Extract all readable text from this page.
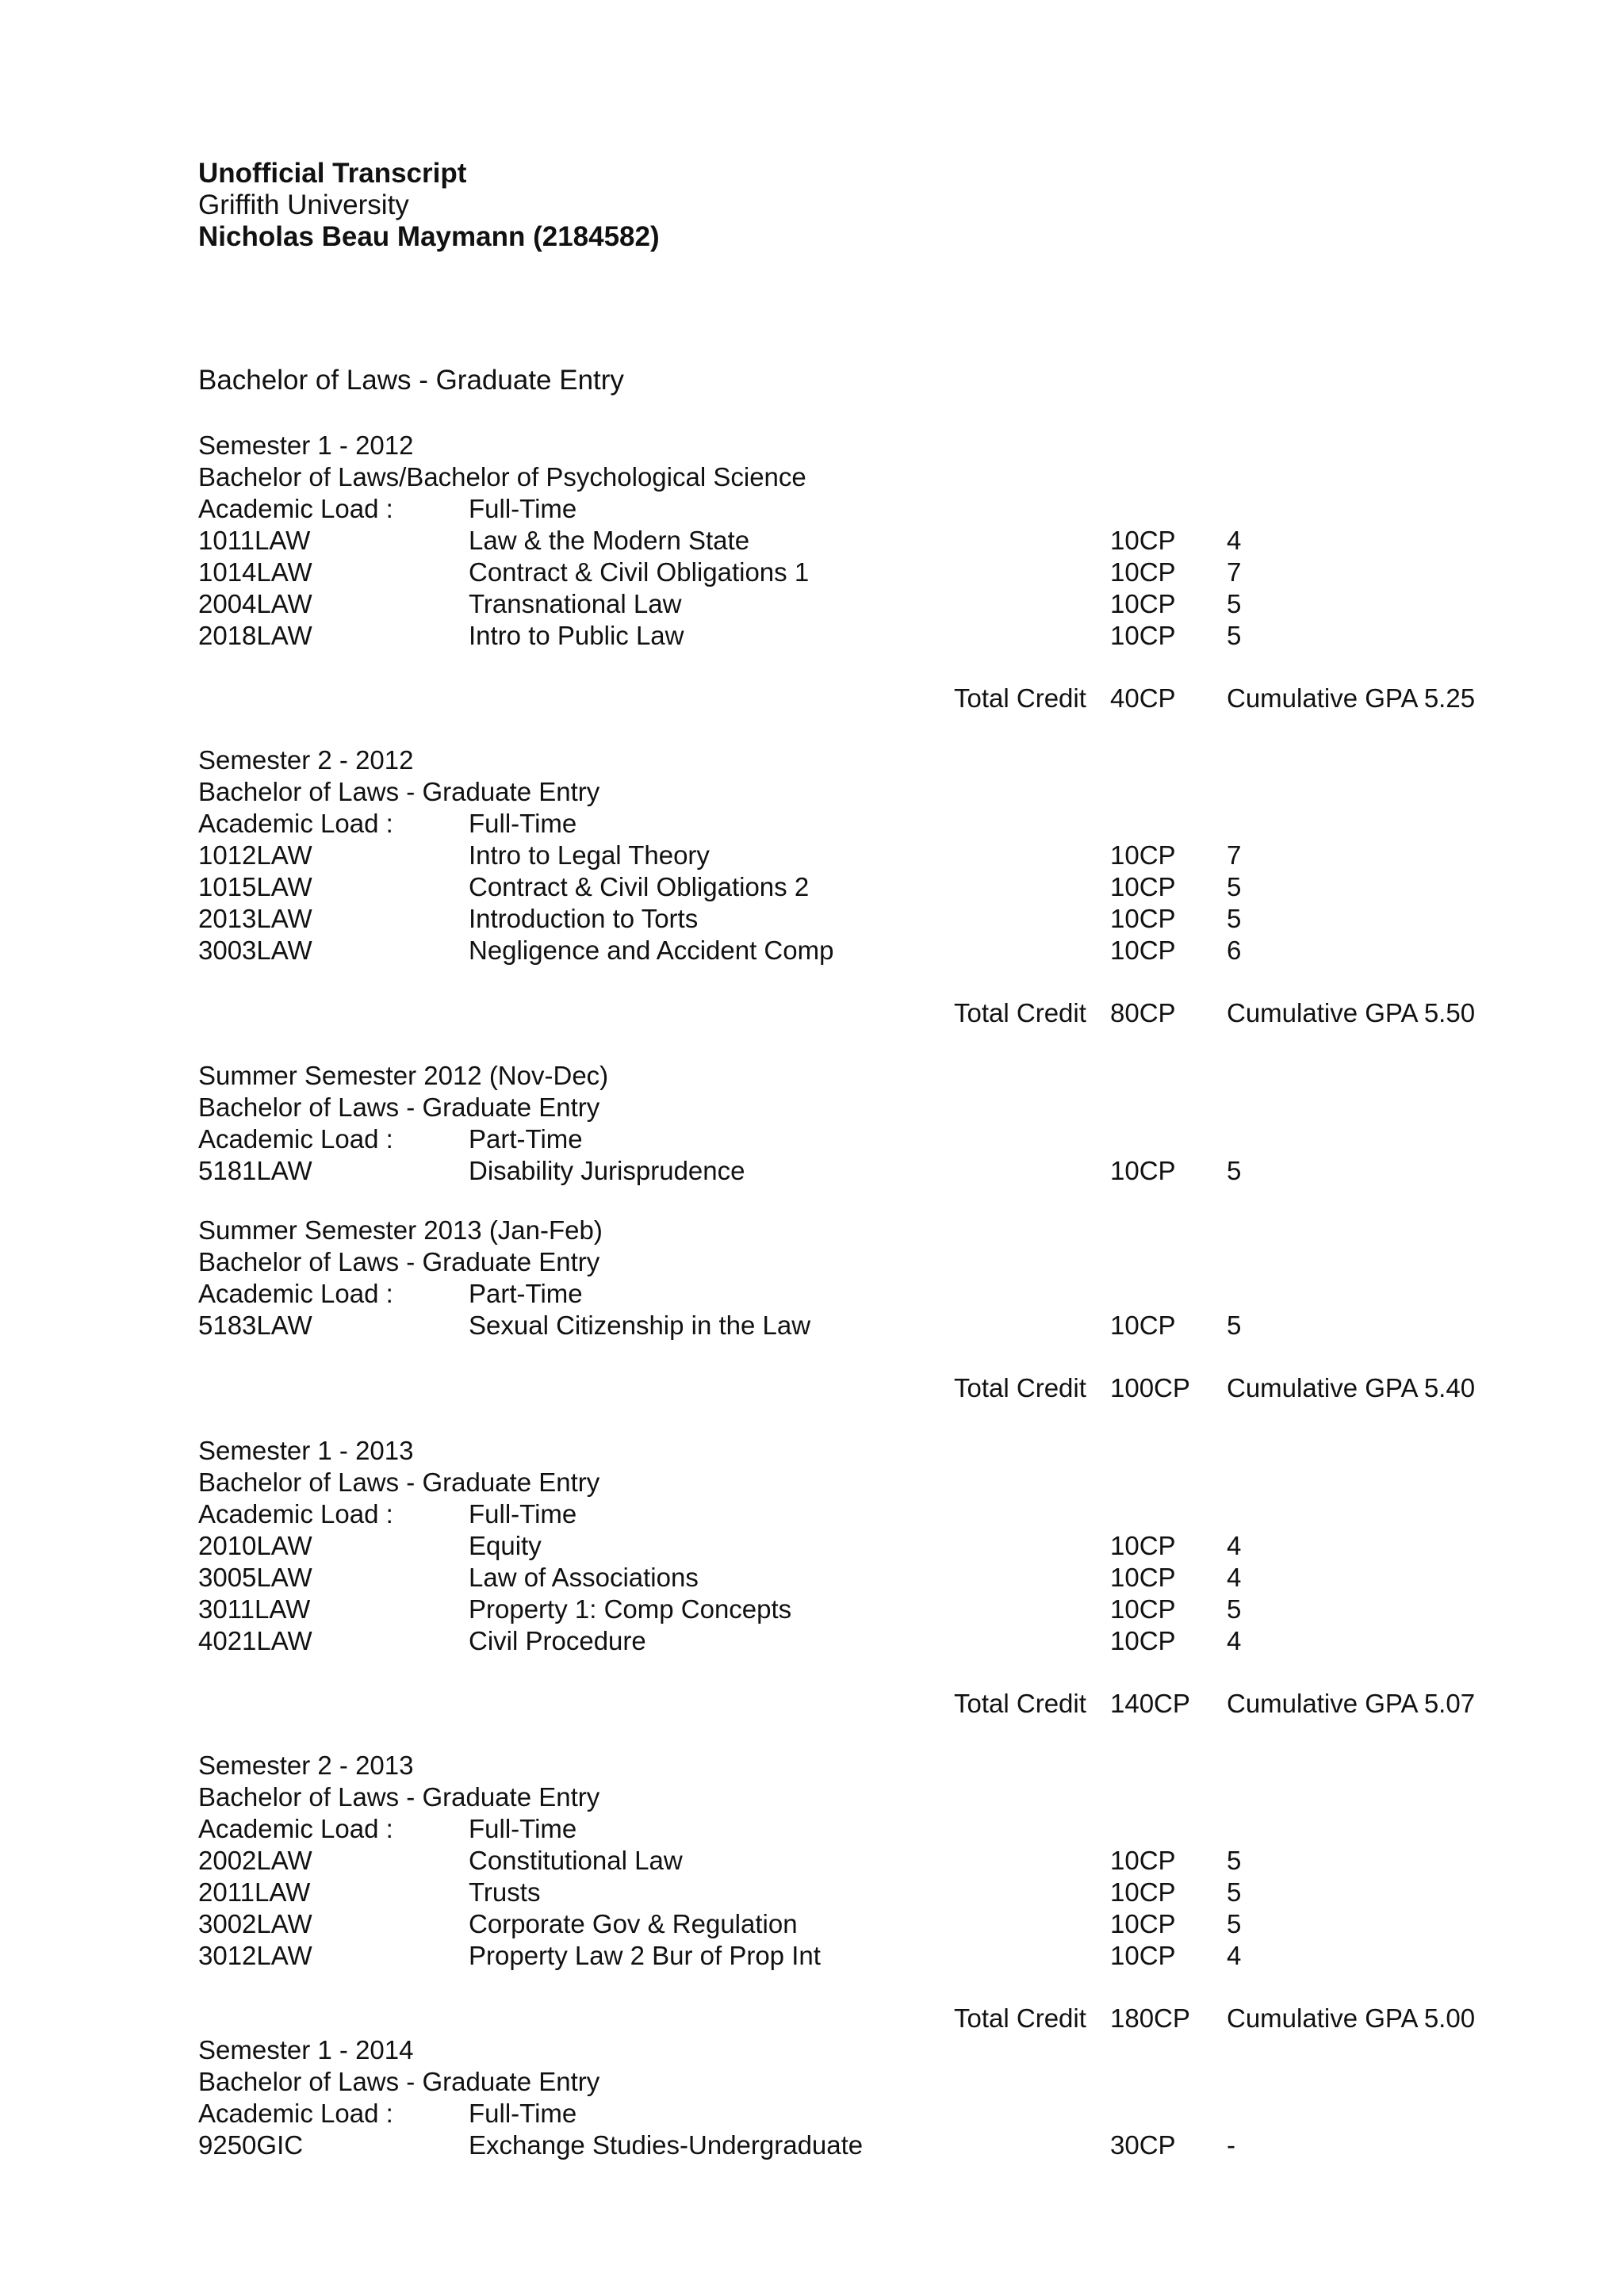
Unofficial Transcript

Griffith University

Nicholas Beau Maymann (2184582)

Bachelor of Laws - Graduate Entry

Semester 1 - 2012
Bachelor of Laws/Bachelor of Psychological Science
Academic Load :	Full-Time
1011LAW	Law & the Modern State	10CP 4
1014LAW	Contract & Civil Obligations 1	10CP 7
2004LAW	Transnational Law	10CP 5
2018LAW	Intro to Public Law	10CP 5
Total Credit 40CP Cumulative GPA 5.25
Semester 2 - 2012
Bachelor of Laws - Graduate Entry
Academic Load :	Full-Time
1012LAW	Intro to Legal Theory	10CP 7
1015LAW	Contract & Civil Obligations 2	10CP 5
2013LAW	Introduction to Torts	10CP 5
3003LAW	Negligence and Accident Comp	10CP 6
Total Credit 80CP Cumulative GPA 5.50
Summer Semester 2012 (Nov-Dec)
Bachelor of Laws - Graduate Entry
Academic Load :	Part-Time
5181LAW	Disability Jurisprudence	10CP 5
Summer Semester 2013 (Jan-Feb)
Bachelor of Laws - Graduate Entry
Academic Load :	Part-Time
5183LAW	Sexual Citizenship in the Law	10CP 5
Total Credit 100CP Cumulative GPA 5.40
Semester 1 - 2013
Bachelor of Laws - Graduate Entry
Academic Load :	Full-Time
2010LAW	Equity	10CP 4
3005LAW	Law of Associations	10CP 4
3011LAW	Property 1: Comp Concepts	10CP 5
4021LAW	Civil Procedure	10CP 4
Total Credit 140CP Cumulative GPA 5.07
Semester 2 - 2013
Bachelor of Laws - Graduate Entry
Academic Load :	Full-Time
2002LAW	Constitutional Law	10CP 5
2011LAW	Trusts	10CP 5
3002LAW	Corporate Gov & Regulation	10CP 5
3012LAW	Property Law 2 Bur of Prop Int	10CP 4
Total Credit 180CP Cumulative GPA 5.00
Semester 1 - 2014
Bachelor of Laws - Graduate Entry
Academic Load :	Full-Time
9250GIC	Exchange Studies-Undergraduate	30CP -
